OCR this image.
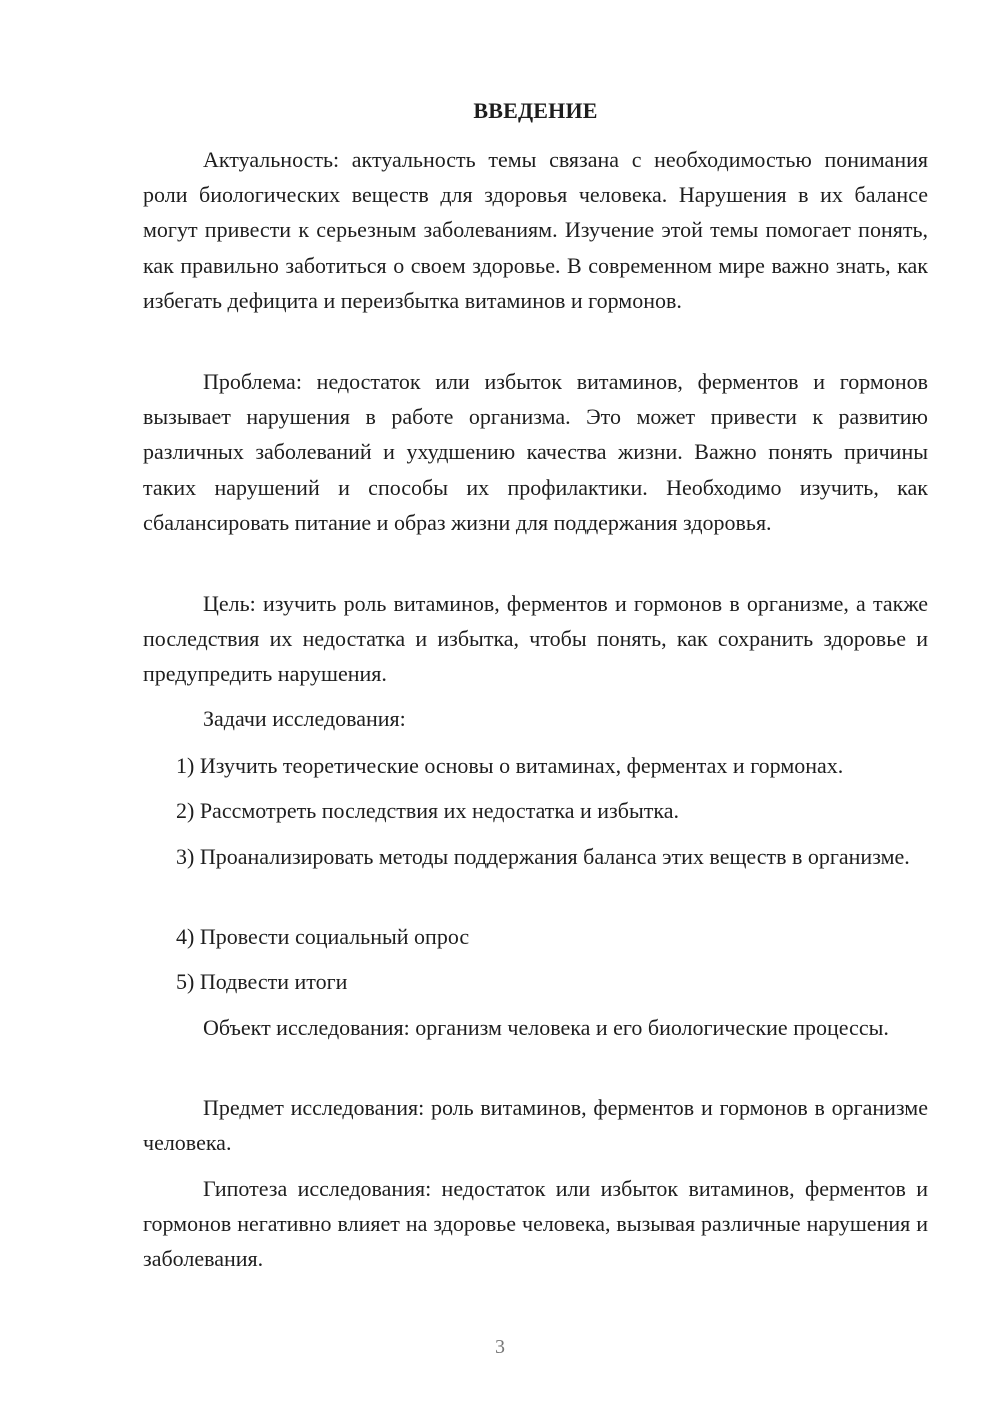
ВВЕДЕНИЕ

Актуальность: актуальность темы связана с необходимостью понимания роли биологических веществ для здоровья человека. Нарушения в их балансе могут привести к серьезным заболеваниям. Изучение этой темы помогает понять, как правильно заботиться о своем здоровье. В современном мире важно знать, как избегать дефицита и переизбытка витаминов и гормонов.

Проблема: недостаток или избыток витаминов, ферментов и гормонов вызывает нарушения в работе организма. Это может привести к развитию различных заболеваний и ухудшению качества жизни. Важно понять причины таких нарушений и способы их профилактики. Необходимо изучить, как сбалансировать питание и образ жизни для поддержания здоровья.

Цель: изучить роль витаминов, ферментов и гормонов в организме, а также последствия их недостатка и избытка, чтобы понять, как сохранить здоровье и предупредить нарушения.

Задачи исследования:

1) Изучить теоретические основы о витаминах, ферментах и гормонах.

2) Рассмотреть последствия их недостатка и избытка.

3) Проанализировать методы поддержания баланса этих веществ в организме.

4) Провести социальный опрос

5) Подвести итоги

Объект исследования: организм человека и его биологические процессы.

Предмет исследования: роль витаминов, ферментов и гормонов в организме человека.

Гипотеза исследования: недостаток или избыток витаминов, ферментов и гормонов негативно влияет на здоровье человека, вызывая различные нарушения и заболевания.

3
